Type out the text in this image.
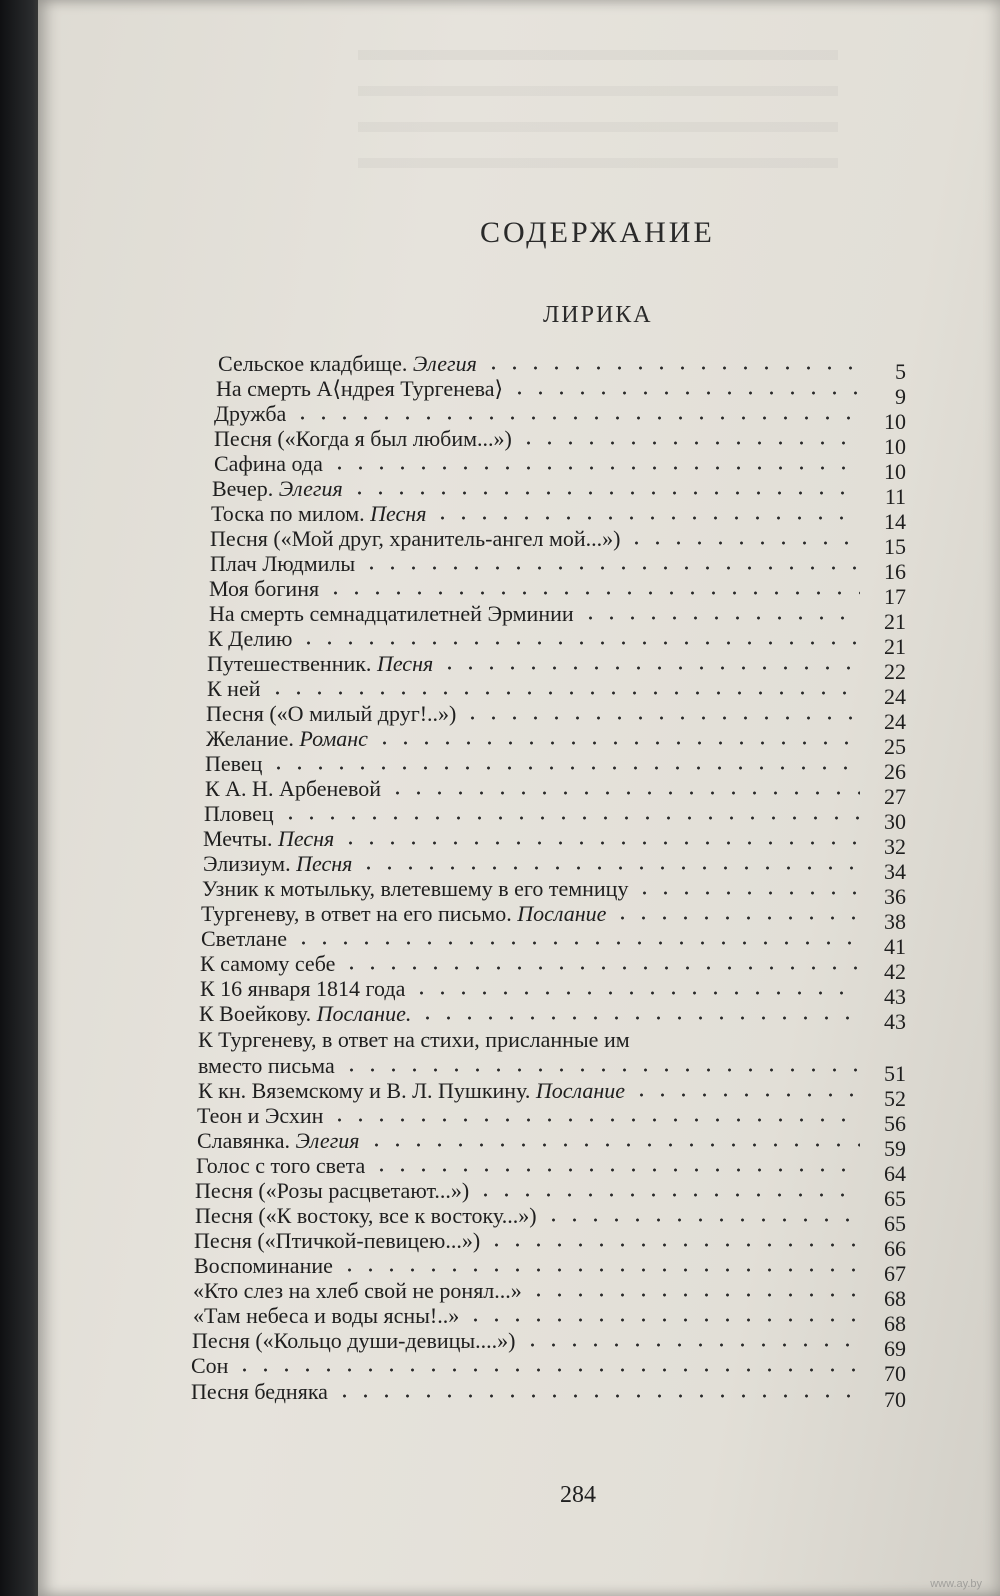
СОДЕРЖАНИЕ
ЛИРИКА
Сельское кладбище. Элегия	5
На смерть А⟨ндрея Тургенева⟩	9
Дружба	10
Песня («Когда я был любим...»)	10
Сафина ода	10
Вечер. Элегия	11
Тоска по милом. Песня	14
Песня («Мой друг, хранитель-ангел мой...»)	15
Плач Людмилы	16
Моя богиня	17
На смерть семнадцатилетней Эрминии	21
К Делию	21
Путешественник. Песня	22
К ней	24
Песня («О милый друг!..»)	24
Желание. Романс	25
Певец	26
К А. Н. Арбеневой	27
Пловец	30
Мечты. Песня	32
Элизиум. Песня	34
Узник к мотыльку, влетевшему в его темницу	36
Тургеневу, в ответ на его письмо. Послание	38
Светлане	41
К самому себе	42
К 16 января 1814 года	43
К Воейкову. Послание.	43
К Тургеневу, в ответ на стихи, присланные им
вместо письма	51
К кн. Вяземскому и В. Л. Пушкину. Послание	52
Теон и Эсхин	56
Славянка. Элегия	59
Голос с того света	64
Песня («Розы расцветают...»)	65
Песня («К востоку, все к востоку...»)	65
Песня («Птичкой-певицею...»)	66
Воспоминание	67
«Кто слез на хлеб свой не ронял...»	68
«Там небеса и воды ясны!..»	68
Песня («Кольцо души-девицы....»)	69
Сон	70
Песня бедняка	70
284
www.ay.by
